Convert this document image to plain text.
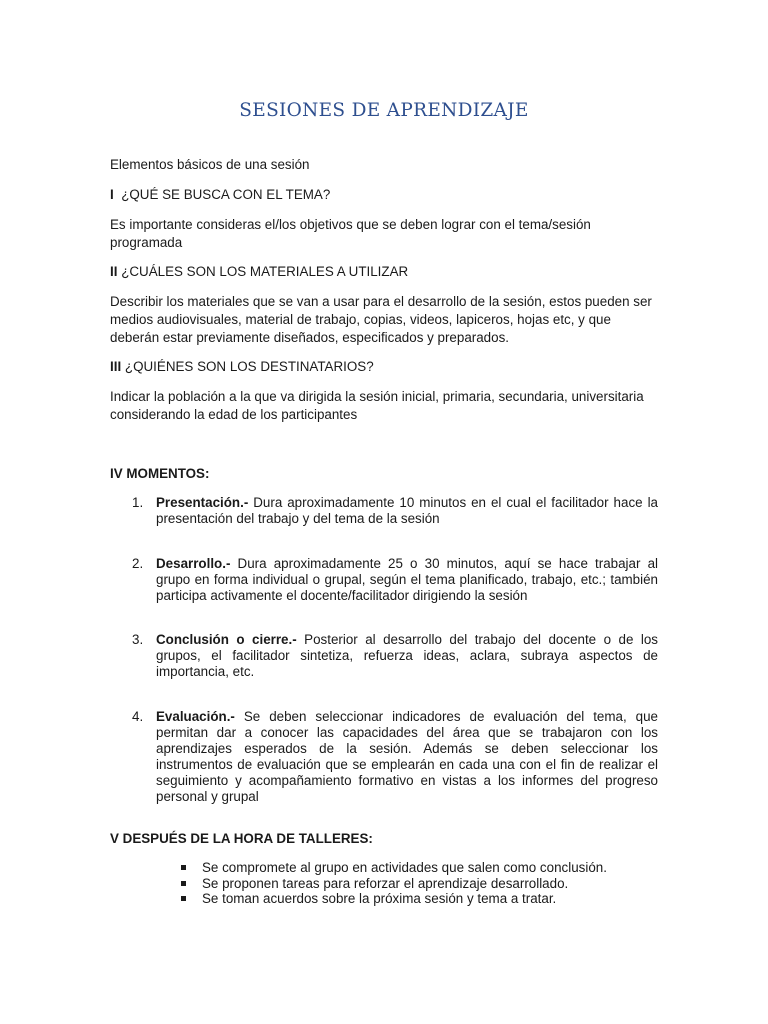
SESIONES DE APRENDIZAJE

Elementos básicos de una sesión

I ¿QUÉ SE BUSCA CON EL TEMA?

Es importante consideras el/los objetivos que se deben lograr con el tema/sesión programada

II ¿CUÁLES SON LOS MATERIALES A UTILIZAR

Describir los materiales que se van a usar para el desarrollo de la sesión, estos pueden ser medios audiovisuales, material de trabajo, copias, videos, lapiceros, hojas etc, y que deberán estar previamente diseñados, especificados y preparados.

III ¿QUIÉNES SON LOS DESTINATARIOS?

Indicar la población a la que va dirigida la sesión inicial, primaria, secundaria, universitaria considerando la edad de los participantes

IV MOMENTOS:

1. Presentación.- Dura aproximadamente 10 minutos en el cual el facilitador hace la presentación del trabajo y del tema de la sesión
2. Desarrollo.- Dura aproximadamente 25 o 30 minutos, aquí se hace trabajar al grupo en forma individual o grupal, según el tema planificado, trabajo, etc.; también participa activamente el docente/facilitador dirigiendo la sesión
3. Conclusión o cierre.- Posterior al desarrollo del trabajo del docente o de los grupos, el facilitador sintetiza, refuerza ideas, aclara, subraya aspectos de importancia, etc.
4. Evaluación.- Se deben seleccionar indicadores de evaluación del tema, que permitan dar a conocer las capacidades del área que se trabajaron con los aprendizajes esperados de la sesión. Además se deben seleccionar los instrumentos de evaluación que se emplearán en cada una con el fin de realizar el seguimiento y acompañamiento formativo en vistas a los informes del progreso personal y grupal

V DESPUÉS DE LA HORA DE TALLERES:

Se compromete al grupo en actividades que salen como conclusión.
Se proponen tareas para reforzar el aprendizaje desarrollado.
Se toman acuerdos sobre la próxima sesión y tema a tratar.
